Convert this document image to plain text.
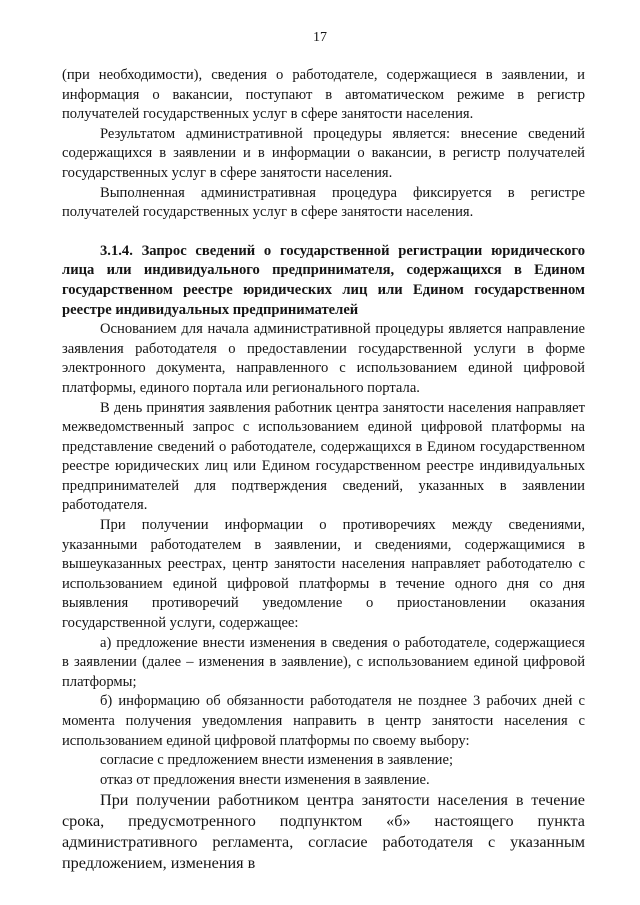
17

(при необходимости), сведения о работодателе, содержащиеся в заявлении, и информация о вакансии, поступают в автоматическом режиме в регистр получателей государственных услуг в сфере занятости населения.

Результатом административной процедуры является: внесение сведений содержащихся в заявлении и в информации о вакансии, в регистр получателей государственных услуг в сфере занятости населения.

Выполненная административная процедура фиксируется в регистре получателей государственных услуг в сфере занятости населения.

3.1.4. Запрос сведений о государственной регистрации юридического лица или индивидуального предпринимателя, содержащихся в Едином государственном реестре юридических лиц или Едином государственном реестре индивидуальных предпринимателей

Основанием для начала административной процедуры является направление заявления работодателя о предоставлении государственной услуги в форме электронного документа, направленного с использованием единой цифровой платформы, единого портала или регионального портала.

В день принятия заявления работник центра занятости населения направляет межведомственный запрос с использованием единой цифровой платформы на представление сведений о работодателе, содержащихся в Едином государственном реестре юридических лиц или Едином государственном реестре индивидуальных предпринимателей для подтверждения сведений, указанных в заявлении работодателя.

При получении информации о противоречиях между сведениями, указанными работодателем в заявлении, и сведениями, содержащимися в вышеуказанных реестрах, центр занятости населения направляет работодателю с использованием единой цифровой платформы в течение одного дня со дня выявления противоречий уведомление о приостановлении оказания государственной услуги, содержащее:

а) предложение внести изменения в сведения о работодателе, содержащиеся в заявлении (далее – изменения в заявление), с использованием единой цифровой платформы;

б) информацию об обязанности работодателя не позднее 3 рабочих дней с момента получения уведомления направить в центр занятости населения с использованием единой цифровой платформы по своему выбору:

согласие с предложением внести изменения в заявление;

отказ от предложения внести изменения в заявление.

При получении работником центра занятости населения в течение срока, предусмотренного подпунктом «б» настоящего пункта административного регламента, согласие работодателя с указанным предложением, изменения в
